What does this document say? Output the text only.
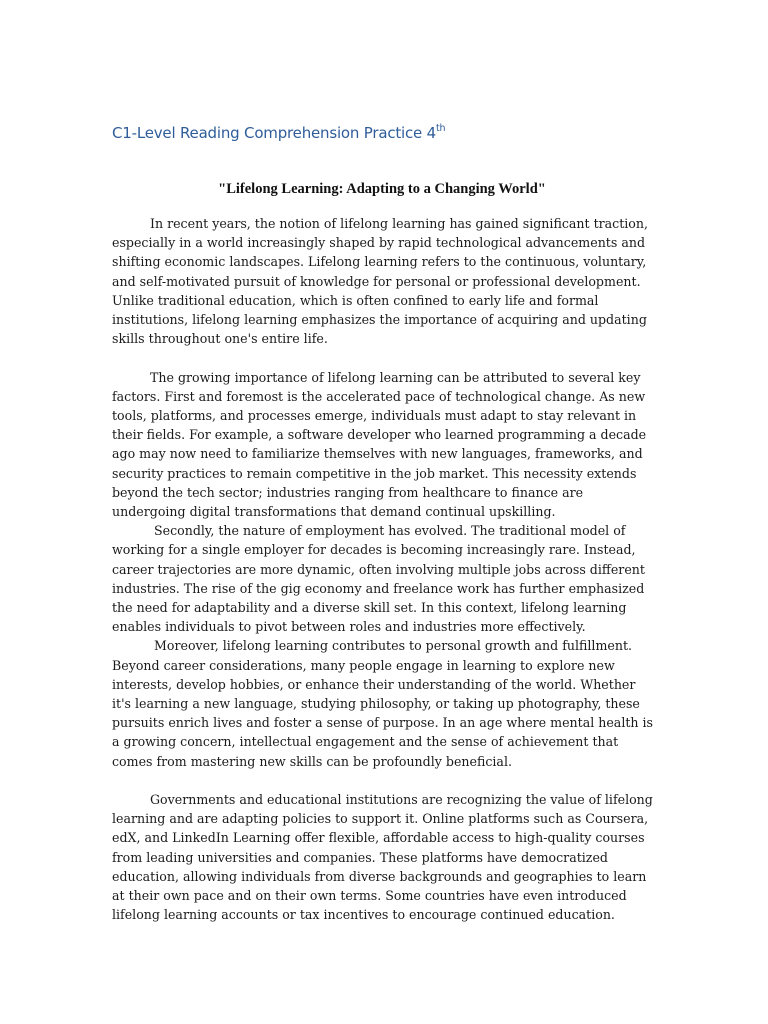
C1-Level Reading Comprehension Practice 4th
"Lifelong Learning: Adapting to a Changing World"

In recent years, the notion of lifelong learning has gained significant traction, especially in a world increasingly shaped by rapid technological advancements and shifting economic landscapes. Lifelong learning refers to the continuous, voluntary, and self-motivated pursuit of knowledge for personal or professional development. Unlike traditional education, which is often confined to early life and formal institutions, lifelong learning emphasizes the importance of acquiring and updating skills throughout one's entire life.

The growing importance of lifelong learning can be attributed to several key factors. First and foremost is the accelerated pace of technological change. As new tools, platforms, and processes emerge, individuals must adapt to stay relevant in their fields. For example, a software developer who learned programming a decade ago may now need to familiarize themselves with new languages, frameworks, and security practices to remain competitive in the job market. This necessity extends beyond the tech sector; industries ranging from healthcare to finance are undergoing digital transformations that demand continual upskilling.

Secondly, the nature of employment has evolved. The traditional model of working for a single employer for decades is becoming increasingly rare. Instead, career trajectories are more dynamic, often involving multiple jobs across different industries. The rise of the gig economy and freelance work has further emphasized the need for adaptability and a diverse skill set. In this context, lifelong learning enables individuals to pivot between roles and industries more effectively.

Moreover, lifelong learning contributes to personal growth and fulfillment. Beyond career considerations, many people engage in learning to explore new interests, develop hobbies, or enhance their understanding of the world. Whether it's learning a new language, studying philosophy, or taking up photography, these pursuits enrich lives and foster a sense of purpose. In an age where mental health is a growing concern, intellectual engagement and the sense of achievement that comes from mastering new skills can be profoundly beneficial.

Governments and educational institutions are recognizing the value of lifelong learning and are adapting policies to support it. Online platforms such as Coursera, edX, and LinkedIn Learning offer flexible, affordable access to high-quality courses from leading universities and companies. These platforms have democratized education, allowing individuals from diverse backgrounds and geographies to learn at their own pace and on their own terms. Some countries have even introduced lifelong learning accounts or tax incentives to encourage continued education.
